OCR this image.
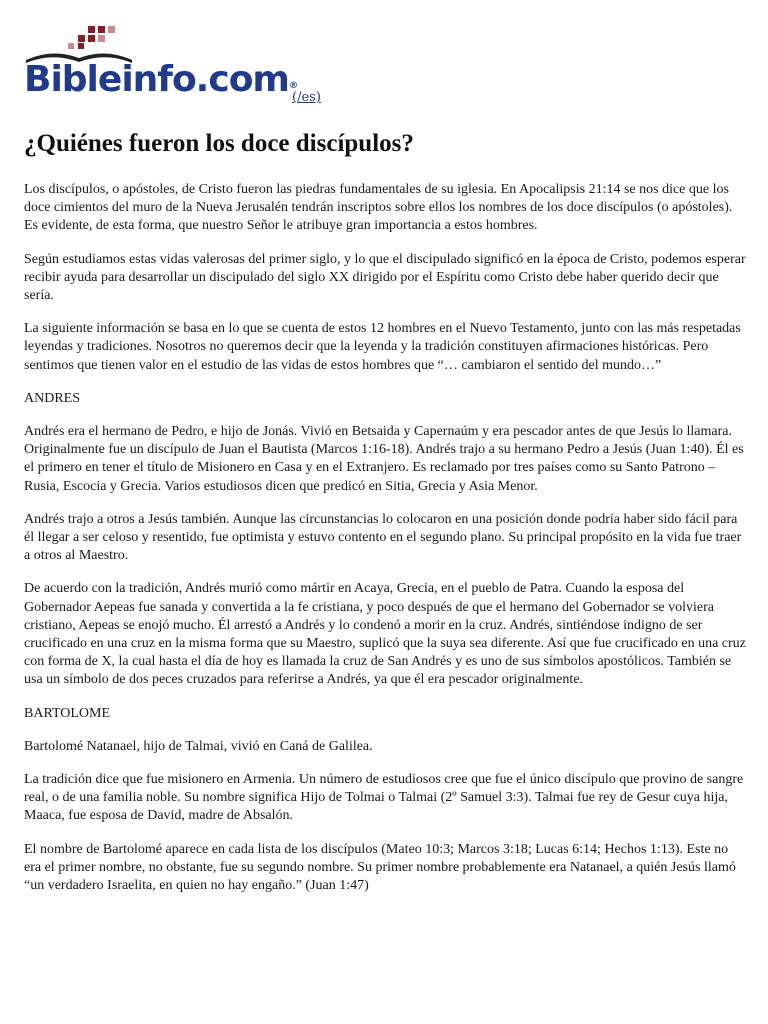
Bibleinfo.com®
(/es)
¿Quiénes fueron los doce discípulos?

Los discípulos, o apóstoles, de Cristo fueron las piedras fundamentales de su iglesia. En Apocalipsis 21:14 se nos dice que los doce cimientos del muro de la Nueva Jerusalén tendrán inscriptos sobre ellos los nombres de los doce discípulos (o apóstoles). Es evidente, de esta forma, que nuestro Señor le atribuye gran importancia a estos hombres.

Según estudiamos estas vidas valerosas del primer siglo, y lo que el discipulado significó en la época de Cristo, podemos esperar recibir ayuda para desarrollar un discipulado del siglo XX dirigido por el Espíritu como Cristo debe haber querido decir que sería.

La siguiente información se basa en lo que se cuenta de estos 12 hombres en el Nuevo Testamento, junto con las más respetadas leyendas y tradiciones. Nosotros no queremos decir que la leyenda y la tradición constituyen afirmaciones históricas. Pero sentimos que tienen valor en el estudio de las vidas de estos hombres que “… cambiaron el sentido del mundo…”

ANDRES

Andrés era el hermano de Pedro, e hijo de Jonás. Vivió en Betsaida y Capernaúm y era pescador antes de que Jesús lo llamara. Originalmente fue un discípulo de Juan el Bautista (Marcos 1:16-18). Andrés trajo a su hermano Pedro a Jesús (Juan 1:40). Él es el primero en tener el título de Misionero en Casa y en el Extranjero. Es reclamado por tres países como su Santo Patrono –Rusia, Escocia y Grecia. Varios estudiosos dicen que predicó en Sitia, Grecia y Asia Menor.

Andrés trajo a otros a Jesús también. Aunque las circunstancias lo colocaron en una posición donde podría haber sido fácil para él llegar a ser celoso y resentido, fue optimista y estuvo contento en el segundo plano. Su principal propósito en la vida fue traer a otros al Maestro.

De acuerdo con la tradición, Andrés murió como mártir en Acaya, Grecia, en el pueblo de Patra. Cuando la esposa del Gobernador Aepeas fue sanada y convertida a la fe cristiana, y poco después de que el hermano del Gobernador se volviera cristiano, Aepeas se enojó mucho. Él arrestó a Andrés y lo condenó a morir en la cruz. Andrés, sintiéndose indigno de ser crucificado en una cruz en la misma forma que su Maestro, suplicó que la suya sea diferente. Así que fue crucificado en una cruz con forma de X, la cual hasta el día de hoy es llamada la cruz de San Andrés y es uno de sus símbolos apostólicos. También se usa un símbolo de dos peces cruzados para referirse a Andrés, ya que él era pescador originalmente.

BARTOLOME

Bartolomé Natanael, hijo de Talmai, vivió en Caná de Galilea.

La tradición dice que fue misionero en Armenia. Un número de estudiosos cree que fue el único discípulo que provino de sangre real, o de una familia noble. Su nombre significa Hijo de Tolmai o Talmai (2º Samuel 3:3). Talmai fue rey de Gesur cuya hija, Maaca, fue esposa de David, madre de Absalón.

El nombre de Bartolomé aparece en cada lista de los discípulos (Mateo 10:3; Marcos 3:18; Lucas 6:14; Hechos 1:13). Este no era el primer nombre, no obstante, fue su segundo nombre. Su primer nombre probablemente era Natanael, a quién Jesús llamó “un verdadero Israelita, en quien no hay engaño.” (Juan 1:47)
